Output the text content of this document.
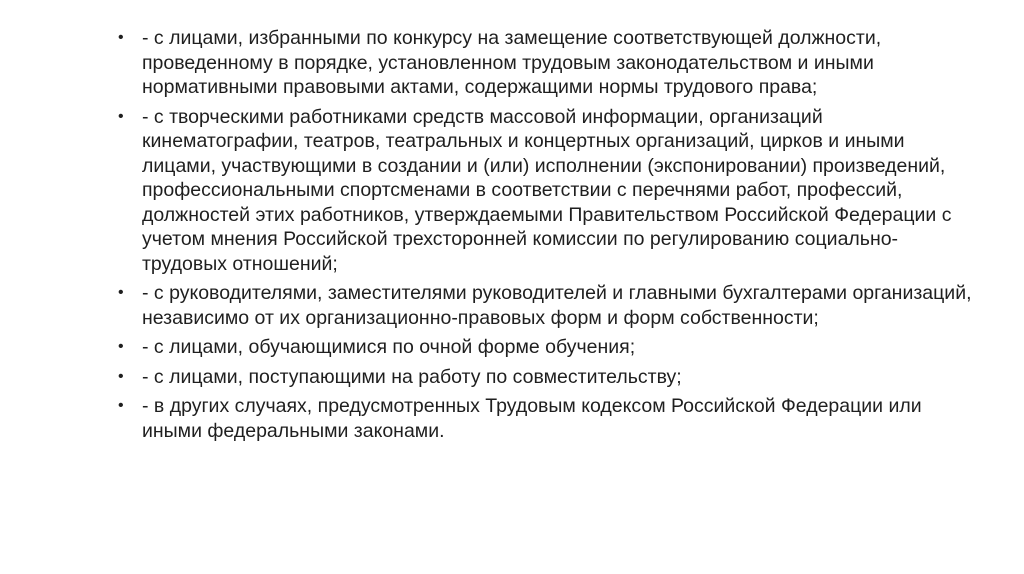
• - с лицами, избранными по конкурсу на замещение соответствующей должности, проведенному в порядке, установленном трудовым законодательством и иными нормативными правовыми актами, содержащими нормы трудового права;
• - с творческими работниками средств массовой информации, организаций кинематографии, театров, театральных и концертных организаций, цирков и иными лицами, участвующими в создании и (или) исполнении (экспонировании) произведений, профессиональными спортсменами в соответствии с перечнями работ, профессий, должностей этих работников, утверждаемыми Правительством Российской Федерации с учетом мнения Российской трехсторонней комиссии по регулированию социально-трудовых отношений;
• - с руководителями, заместителями руководителей и главными бухгалтерами организаций, независимо от их организационно-правовых форм и форм собственности;
• - с лицами, обучающимися по очной форме обучения;
• - с лицами, поступающими на работу по совместительству;
• - в других случаях, предусмотренных Трудовым кодексом Российской Федерации или иными федеральными законами.
